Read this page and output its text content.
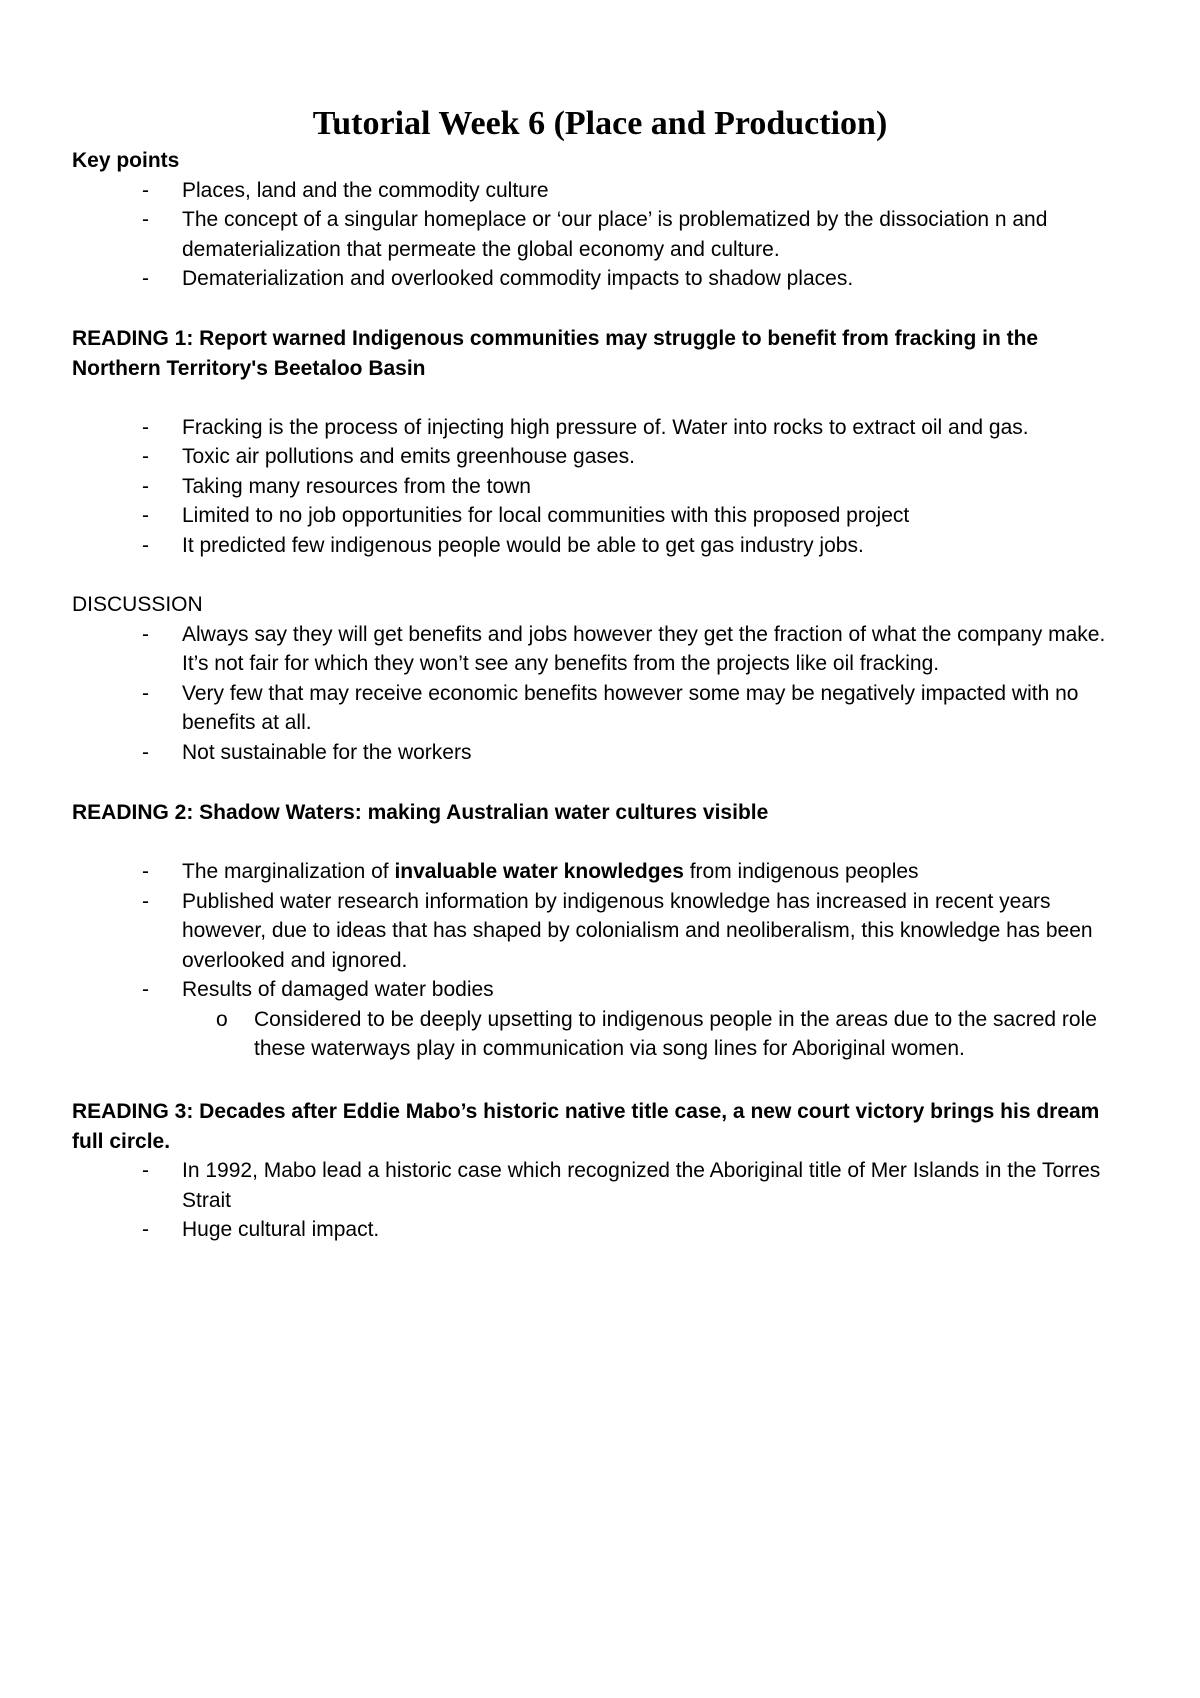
Tutorial Week 6 (Place and Production)
Key points
- Places, land and the commodity culture
- The concept of a singular homeplace or ‘our place’ is problematized by the dissociation n and dematerialization that permeate the global economy and culture.
- Dematerialization and overlooked commodity impacts to shadow places.
READING 1: Report warned Indigenous communities may struggle to benefit from fracking in the Northern Territory's Beetaloo Basin
- Fracking is the process of injecting high pressure of. Water into rocks to extract oil and gas.
- Toxic air pollutions and emits greenhouse gases.
- Taking many resources from the town
- Limited to no job opportunities for local communities with this proposed project
- It predicted few indigenous people would be able to get gas industry jobs.
DISCUSSION
- Always say they will get benefits and jobs however they get the fraction of what the company make. It’s not fair for which they won’t see any benefits from the projects like oil fracking.
- Very few that may receive economic benefits however some may be negatively impacted with no benefits at all.
- Not sustainable for the workers
READING 2: Shadow Waters: making Australian water cultures visible
- The marginalization of invaluable water knowledges from indigenous peoples
- Published water research information by indigenous knowledge has increased in recent years however, due to ideas that has shaped by colonialism and neoliberalism, this knowledge has been overlooked and ignored.
- Results of damaged water bodies
o Considered to be deeply upsetting to indigenous people in the areas due to the sacred role these waterways play in communication via song lines for Aboriginal women.
READING 3: Decades after Eddie Mabo’s historic native title case, a new court victory brings his dream full circle.
- In 1992, Mabo lead a historic case which recognized the Aboriginal title of Mer Islands in the Torres Strait
- Huge cultural impact.
